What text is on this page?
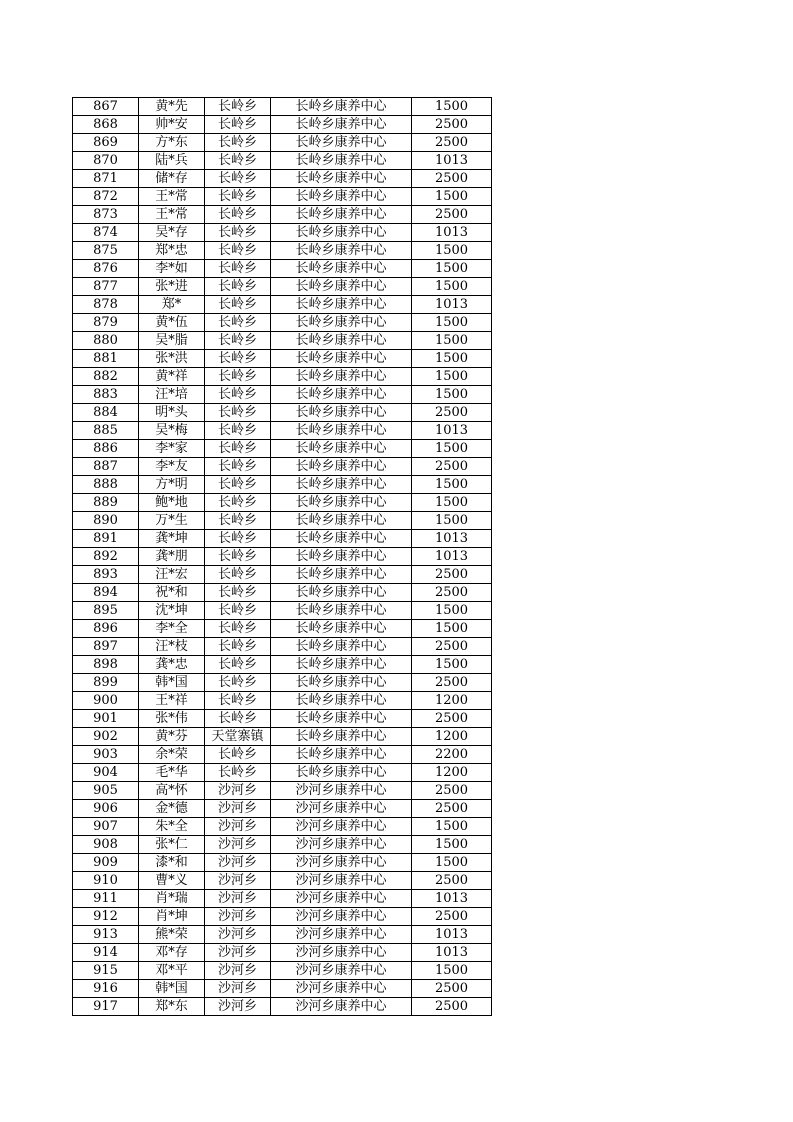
867	黄*先	长岭乡	长岭乡康养中心	1500
868	帅*安	长岭乡	长岭乡康养中心	2500
869	方*东	长岭乡	长岭乡康养中心	2500
870	陆*兵	长岭乡	长岭乡康养中心	1013
871	储*存	长岭乡	长岭乡康养中心	2500
872	王*常	长岭乡	长岭乡康养中心	1500
873	王*常	长岭乡	长岭乡康养中心	2500
874	吴*存	长岭乡	长岭乡康养中心	1013
875	郑*忠	长岭乡	长岭乡康养中心	1500
876	李*如	长岭乡	长岭乡康养中心	1500
877	张*进	长岭乡	长岭乡康养中心	1500
878	郑*	长岭乡	长岭乡康养中心	1013
879	黄*伍	长岭乡	长岭乡康养中心	1500
880	吴*脂	长岭乡	长岭乡康养中心	1500
881	张*洪	长岭乡	长岭乡康养中心	1500
882	黄*祥	长岭乡	长岭乡康养中心	1500
883	汪*培	长岭乡	长岭乡康养中心	1500
884	明*头	长岭乡	长岭乡康养中心	2500
885	吴*梅	长岭乡	长岭乡康养中心	1013
886	李*家	长岭乡	长岭乡康养中心	1500
887	李*友	长岭乡	长岭乡康养中心	2500
888	方*明	长岭乡	长岭乡康养中心	1500
889	鲍*地	长岭乡	长岭乡康养中心	1500
890	万*生	长岭乡	长岭乡康养中心	1500
891	龚*坤	长岭乡	长岭乡康养中心	1013
892	龚*朋	长岭乡	长岭乡康养中心	1013
893	汪*宏	长岭乡	长岭乡康养中心	2500
894	祝*和	长岭乡	长岭乡康养中心	2500
895	沈*坤	长岭乡	长岭乡康养中心	1500
896	李*全	长岭乡	长岭乡康养中心	1500
897	汪*枝	长岭乡	长岭乡康养中心	2500
898	龚*忠	长岭乡	长岭乡康养中心	1500
899	韩*国	长岭乡	长岭乡康养中心	2500
900	王*祥	长岭乡	长岭乡康养中心	1200
901	张*伟	长岭乡	长岭乡康养中心	2500
902	黄*芬	天堂寨镇	长岭乡康养中心	1200
903	余*荣	长岭乡	长岭乡康养中心	2200
904	毛*华	长岭乡	长岭乡康养中心	1200
905	高*怀	沙河乡	沙河乡康养中心	2500
906	金*德	沙河乡	沙河乡康养中心	2500
907	朱*全	沙河乡	沙河乡康养中心	1500
908	张*仁	沙河乡	沙河乡康养中心	1500
909	漆*和	沙河乡	沙河乡康养中心	1500
910	曹*义	沙河乡	沙河乡康养中心	2500
911	肖*瑞	沙河乡	沙河乡康养中心	1013
912	肖*坤	沙河乡	沙河乡康养中心	2500
913	熊*荣	沙河乡	沙河乡康养中心	1013
914	邓*存	沙河乡	沙河乡康养中心	1013
915	邓*平	沙河乡	沙河乡康养中心	1500
916	韩*国	沙河乡	沙河乡康养中心	2500
917	郑*东	沙河乡	沙河乡康养中心	2500
